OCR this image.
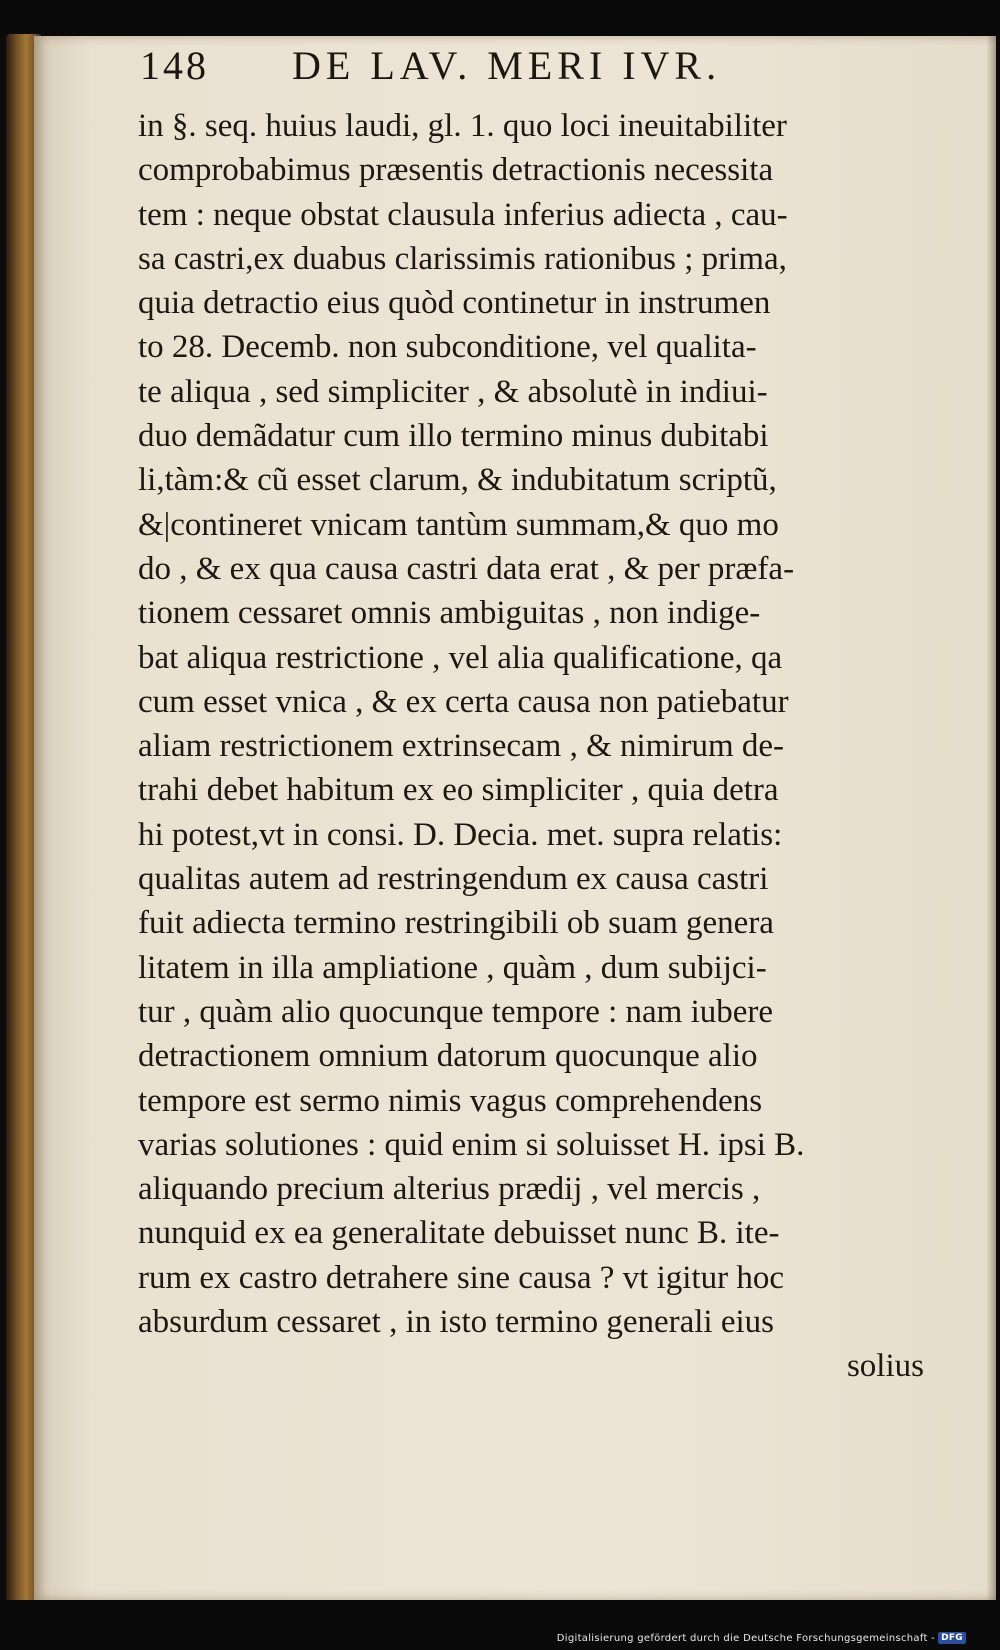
148 DE LAV. MERI IVR.
in §. seq. huius laudi, gl. 1. quo loci ineuitabiliter
comprobabimus præsentis detractionis necessita
tem : neque obstat clausula inferius adiecta , cau-
sa castri,ex duabus clarissimis rationibus ; prima,
quia detractio eius quòd continetur in instrumen
to 28. Decemb. non subconditione, vel qualita-
te aliqua , sed simpliciter , & absolutè in indiui-
duo demãdatur cum illo termino minus dubitabi
li,tàm:& cũ esset clarum, & indubitatum scriptũ,
&|contineret vnicam tantùm summam,& quo mo
do , & ex qua causa castri data erat , & per præfa-
tionem cessaret omnis ambiguitas , non indige-
bat aliqua restrictione , vel alia qualificatione, qa
cum esset vnica , & ex certa causa non patiebatur
aliam restrictionem extrinsecam , & nimirum de-
trahi debet habitum ex eo simpliciter , quia detra
hi potest,vt in consi. D. Decia. met. supra relatis:
qualitas autem ad restringendum ex causa castri
fuit adiecta termino restringibili ob suam genera
litatem in illa ampliatione , quàm , dum subijci-
tur , quàm alio quocunque tempore : nam iubere
detractionem omnium datorum quocunque alio
tempore est sermo nimis vagus comprehendens
varias solutiones : quid enim si soluisset H. ipsi B.
aliquando precium alterius prædij , vel mercis ,
nunquid ex ea generalitate debuisset nunc B. ite-
rum ex castro detrahere sine causa ? vt igitur hoc
absurdum cessaret , in isto termino generali eius
solius
Digitalisierung gefördert durch die Deutsche Forschungsgemeinschaft - DFG
